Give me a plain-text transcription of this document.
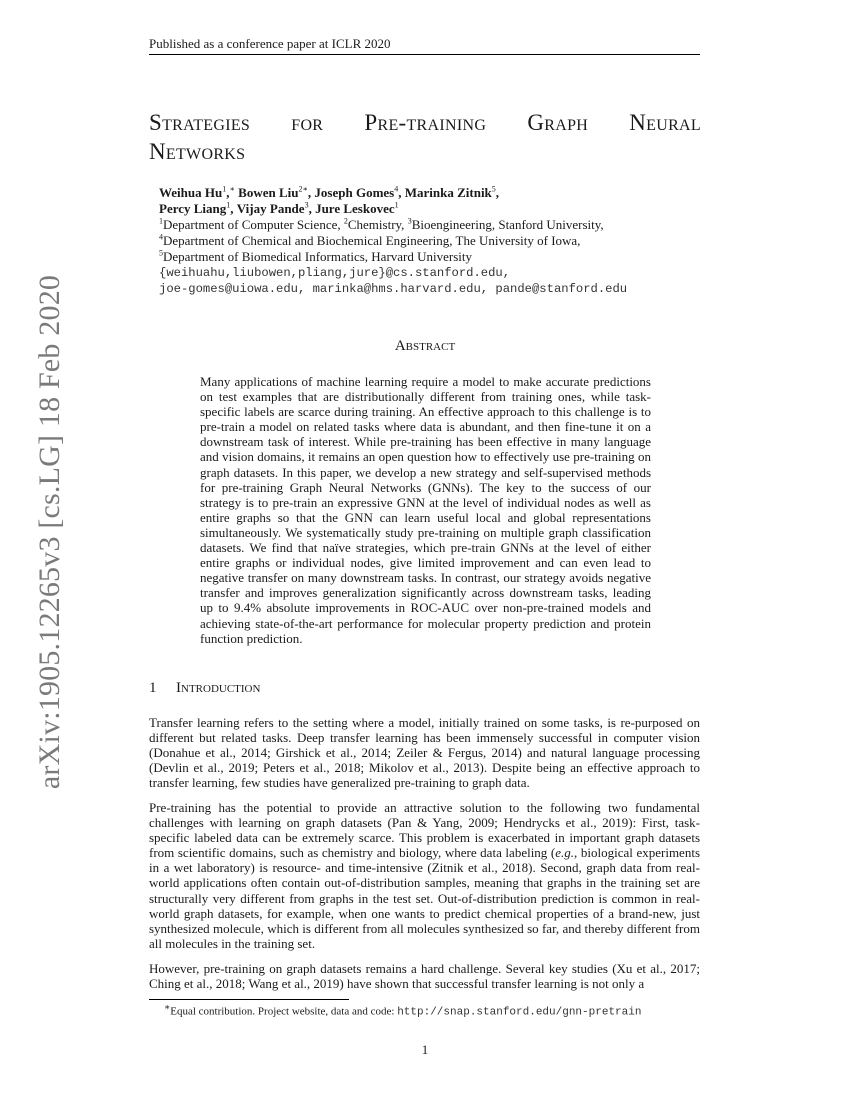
Published as a conference paper at ICLR 2020
arXiv:1905.12265v3 [cs.LG] 18 Feb 2020
Strategies for Pre-training Graph Neural

Networks
Weihua Hu$^1$,∗ Bowen Liu$^{2∗}$, Joseph Gomes$^4$, Marinka Zitnik$^5$,
Percy Liang$^1$, Vijay Pande$^3$, Jure Leskovec$^1$
$^1$Department of Computer Science, $^2$Chemistry, $^3$Bioengineering, Stanford University,
$^4$Department of Chemical and Biochemical Engineering, The University of Iowa,
$^5$Department of Biomedical Informatics, Harvard University
{weihuahu,liubowen,pliang,jure}@cs.stanford.edu,
joe-gomes@uiowa.edu, marinka@hms.harvard.edu, pande@stanford.edu
Abstract
Many applications of machine learning require a model to make accurate predictions on test examples that are distributionally different from training ones, while task-specific labels are scarce during training. An effective approach to this challenge is to pre-train a model on related tasks where data is abundant, and then fine-tune it on a downstream task of interest. While pre-training has been effective in many language and vision domains, it remains an open question how to effectively use pre-training on graph datasets. In this paper, we develop a new strategy and self-supervised methods for pre-training Graph Neural Networks (GNNs). The key to the success of our strategy is to pre-train an expressive GNN at the level of individual nodes as well as entire graphs so that the GNN can learn useful local and global representations simultaneously. We systematically study pre-training on multiple graph classification datasets. We find that naïve strategies, which pre-train GNNs at the level of either entire graphs or individual nodes, give limited improvement and can even lead to negative transfer on many downstream tasks. In contrast, our strategy avoids negative transfer and improves generalization significantly across downstream tasks, leading up to 9.4% absolute improvements in ROC-AUC over non-pre-trained models and achieving state-of-the-art performance for molecular property prediction and protein function prediction.
1 Introduction
Transfer learning refers to the setting where a model, initially trained on some tasks, is re-purposed on different but related tasks. Deep transfer learning has been immensely successful in computer vision (Donahue et al., 2014; Girshick et al., 2014; Zeiler & Fergus, 2014) and natural language processing (Devlin et al., 2019; Peters et al., 2018; Mikolov et al., 2013). Despite being an effective approach to transfer learning, few studies have generalized pre-training to graph data.
Pre-training has the potential to provide an attractive solution to the following two fundamental challenges with learning on graph datasets (Pan & Yang, 2009; Hendrycks et al., 2019): First, task-specific labeled data can be extremely scarce. This problem is exacerbated in important graph datasets from scientific domains, such as chemistry and biology, where data labeling (e.g., biological experiments in a wet laboratory) is resource- and time-intensive (Zitnik et al., 2018). Second, graph data from real-world applications often contain out-of-distribution samples, meaning that graphs in the training set are structurally very different from graphs in the test set. Out-of-distribution prediction is common in real-world graph datasets, for example, when one wants to predict chemical properties of a brand-new, just synthesized molecule, which is different from all molecules synthesized so far, and thereby different from all molecules in the training set.
However, pre-training on graph datasets remains a hard challenge. Several key studies (Xu et al., 2017; Ching et al., 2018; Wang et al., 2019) have shown that successful transfer learning is not only a
∗Equal contribution. Project website, data and code: http://snap.stanford.edu/gnn-pretrain
1
